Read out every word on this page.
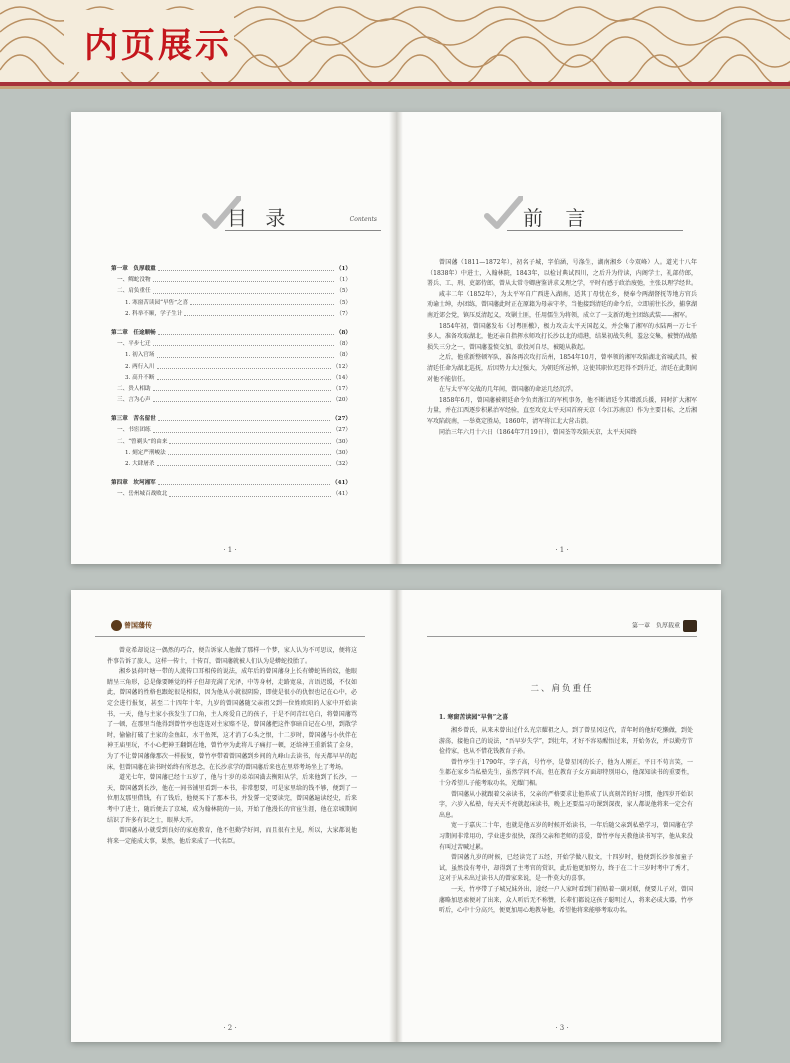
内页展示
目 录	Contents
第一章　负厚载重	（1）
一、鳏蛇没物	（1）
二、肩负重任	（5）
1. 寒窗苦读园“早售”之喜	（5）
2. 科举不顺，学子生计	（7）
第二章　任途顺畅	（8）
一、平步七迁	（8）
1. 初入官场	（8）
2. 两行入川	（12）
3. 高升不断	（14）
二、贵人相助	（17）
三、言为心声	（20）
第三章　苦名留世	（27）
一、书宦团练	（27）
二、“曾剃头”的由来	（30）
1. 刻定严刑峻法	（30）
2. 大肆屠杀	（32）
第四章　坎坷湘军	（41）
一、岳州城百战败北	（41）
· 1 ·
前 言

曾国藩（1811—1872年），初名子城，字伯涵，号涤生，湖南湘乡（今双峰）人。道光十八年（1838年）中进士，入翰林院，1843年，以检讨典试四川，之后升为侍读，内阁学士，礼部侍郎，署兵、工、刑、吏部侍郎，曾从太常寺卿唐鉴讲求义理之学，平时有感于政治废弛，主张以理学经世。

咸丰二年（1852年），为太平军自广西进入湖南，适其丁母忧在乡，便奉令两湖督抚等地方官兵劝谕士绅，办团练，曾国藩此时正在原籍为母亲守孝，当他接到清廷的命令后，立即前往长沙，捕拿湖南近郊会党，镇压反清起义，攻剿土匪，任用儒生为将领，成立了一支新的地主团练武装——湘军。

1854年初，曾国藩发布《讨粤匪檄》，极力攻击太平天国起义，并会集了湘军的水陆两一万七千多人，准备攻取湖北，他还亲自指挥水师攻打长沙以北的靖港，结果初战失利，羞忿交集，被赞的战船损失三分之一，曾国藩羞愤交加，欲投河自尽，被随从救起。

之后，他重新整顿军队，准备再次攻打岳州，1854年10月，曾率领的湘军攻陷湖北省城武昌，被清廷任命为湖北巡抚，后因势力太过强大，为朝廷所忌惮，这使其职位迟迟得不到升迁，清廷在此期间对他不能信任。

在与太平军交战的几年间，曾国藩的命运几经沉浮。

1858年6月，曾国藩被朝廷命令负责浙江的军机事务，他不断请廷令其增派兵援，同时扩大湘军力量，并在江西逐步积累治军经验，直至攻克太平天国首府天京（今江苏南京）作为主要目标，之后湘军攻陷皖南，一举奠定胜局，1860年，清军将江北大营击溃。

同治三年六月十六日（1864年7月19日），曾国荃等攻陷天京，太平天国终

· 1 ·
曾国藩传

曾竟希却说这一偶然的巧合，便告诉家人他做了那样一个梦，家人认为不可思议，便将这件事告诉了旅人，这样一传十，十传百，曾国藩就被人们认为是蟒蛇投胎了。

湘乡县荷叶塘一带的人流传口耳相传的说法，成年后的曾国藩身上长有蟒蛇皆的纹，他眼睛呈三角形，总是像要睡觉的样子但却充满了光泽，中等身材，走路宽泉，言语迟缓，不仅如此，曾国藩的性格也跟蛇很是相似，因为他从小就很阴险，即使是很小的仇恨也记在心中，必定会进行报复，甚至二十四年十年，九岁的曾国藩随父亲祖父到一位姓欧阳的人家中开始读书，一天，他与主家小孩发生了口角，主人疼爱自己的孩子，于是不问青红皂白，将曾国藩骂了一顿，在那里当他得到曾竹亭也连连对主家赔不是，曾国藩把这件事暗自记在心里，到散学时，偷偷打破了主家的金鱼缸，水干鱼死，这才消了心头之恨，十二岁时，曾国藩与小伙伴在神王庙里玩，不小心把神王翻倒在地，曾竹亭为此将儿子痛打一顿，还给神王重新装了金身，为了不让曾国藩像那次一样报复，曾竹亭带着曾国藩到乡间的九峰山去读书，每天都早早的起床，但曾国藩在读书时始终有所思念，在长沙求学的曾国藩后来也在里塔考场坐上了考场。

道光七年，曾国藩已经十五岁了，他与十岁的弟弟国潢去衡阳从学，后来他到了长沙，一天，曾国藩到长沙，他在一间书铺里看到一本书，非常想要，可是家里给的钱不够，便到了一位朋友那里借钱，有了钱后，他便买下了那本书，并发誓一定要读完，曾国藩遍读经史，后来考中了进士，随后便去了京城，成为翰林院的一员，开始了他漫长的官宦生涯，他在京城期间结识了许多有识之士，眼界大开。

曾国藩从小就受到良好的家庭教育，他不但勤学好问，而且很有主见，所以，大家都说他将来一定能成大事，果然，他后来成了一代名臣。

· 2 ·
第一章　负厚载重
二、肩负重任
1. 寒窗苦读园“早售”之喜

湘乡曾氏，从来未曾出过什么光宗耀祖之人，到了曾星冈这代，青年时的他好吃懒做，到处游荡，接他自己的说法，“吾早岁失学”，到壮年，才好不容易醒悟过来，开始务农，并以勤劳节俭持家，也从不惜花钱教育子孙。

曾竹亭生于1790年，字子高，号竹亭，是曾星冈的长子，他为人刚正，平日不苟言笑，一生都在家乡当私塾先生，虽然学问不高，但在教育子女方面却特别用心，他深知读书的重要性，十分希望儿子能考取功名，光耀门楣。

曾国藩从小就跟着父亲读书，父亲的严格要求让他养成了认真刻苦的好习惯，他四岁开始识字，六岁入私塾，每天天不亮就起床读书，晚上还要温习功课到深夜，家人都说他将来一定会有出息。

宽一于嘉庆二十年，也就是他五岁的时候开始读书，一年后随父亲到私塾学习，曾国藩在学习期间非常用功，学业进步很快，深得父亲和老师的喜爱，曾竹亭每天教他读书写字，他从来没有叫过苦喊过累。

曾国藩九岁的时候，已经读完了五经，开始学做八股文，十四岁时，他便到长沙参加童子试，虽然没有考中，却得到了主考官的赏识，此后他更加努力，终于在二十三岁时考中了秀才，这对于从未出过读书人的曾家来说，是一件莫大的喜事。

一天，竹亭带了子城兄妹外出，途经一户人家时看到门前贴着一副对联，便要儿子对，曾国藩略加思索便对了出来，众人听后无不称赞，长辈们都说这孩子聪明过人，将来必成大器，竹亭听后，心中十分高兴，便更加用心地教导他，希望他将来能够考取功名。

· 3 ·
